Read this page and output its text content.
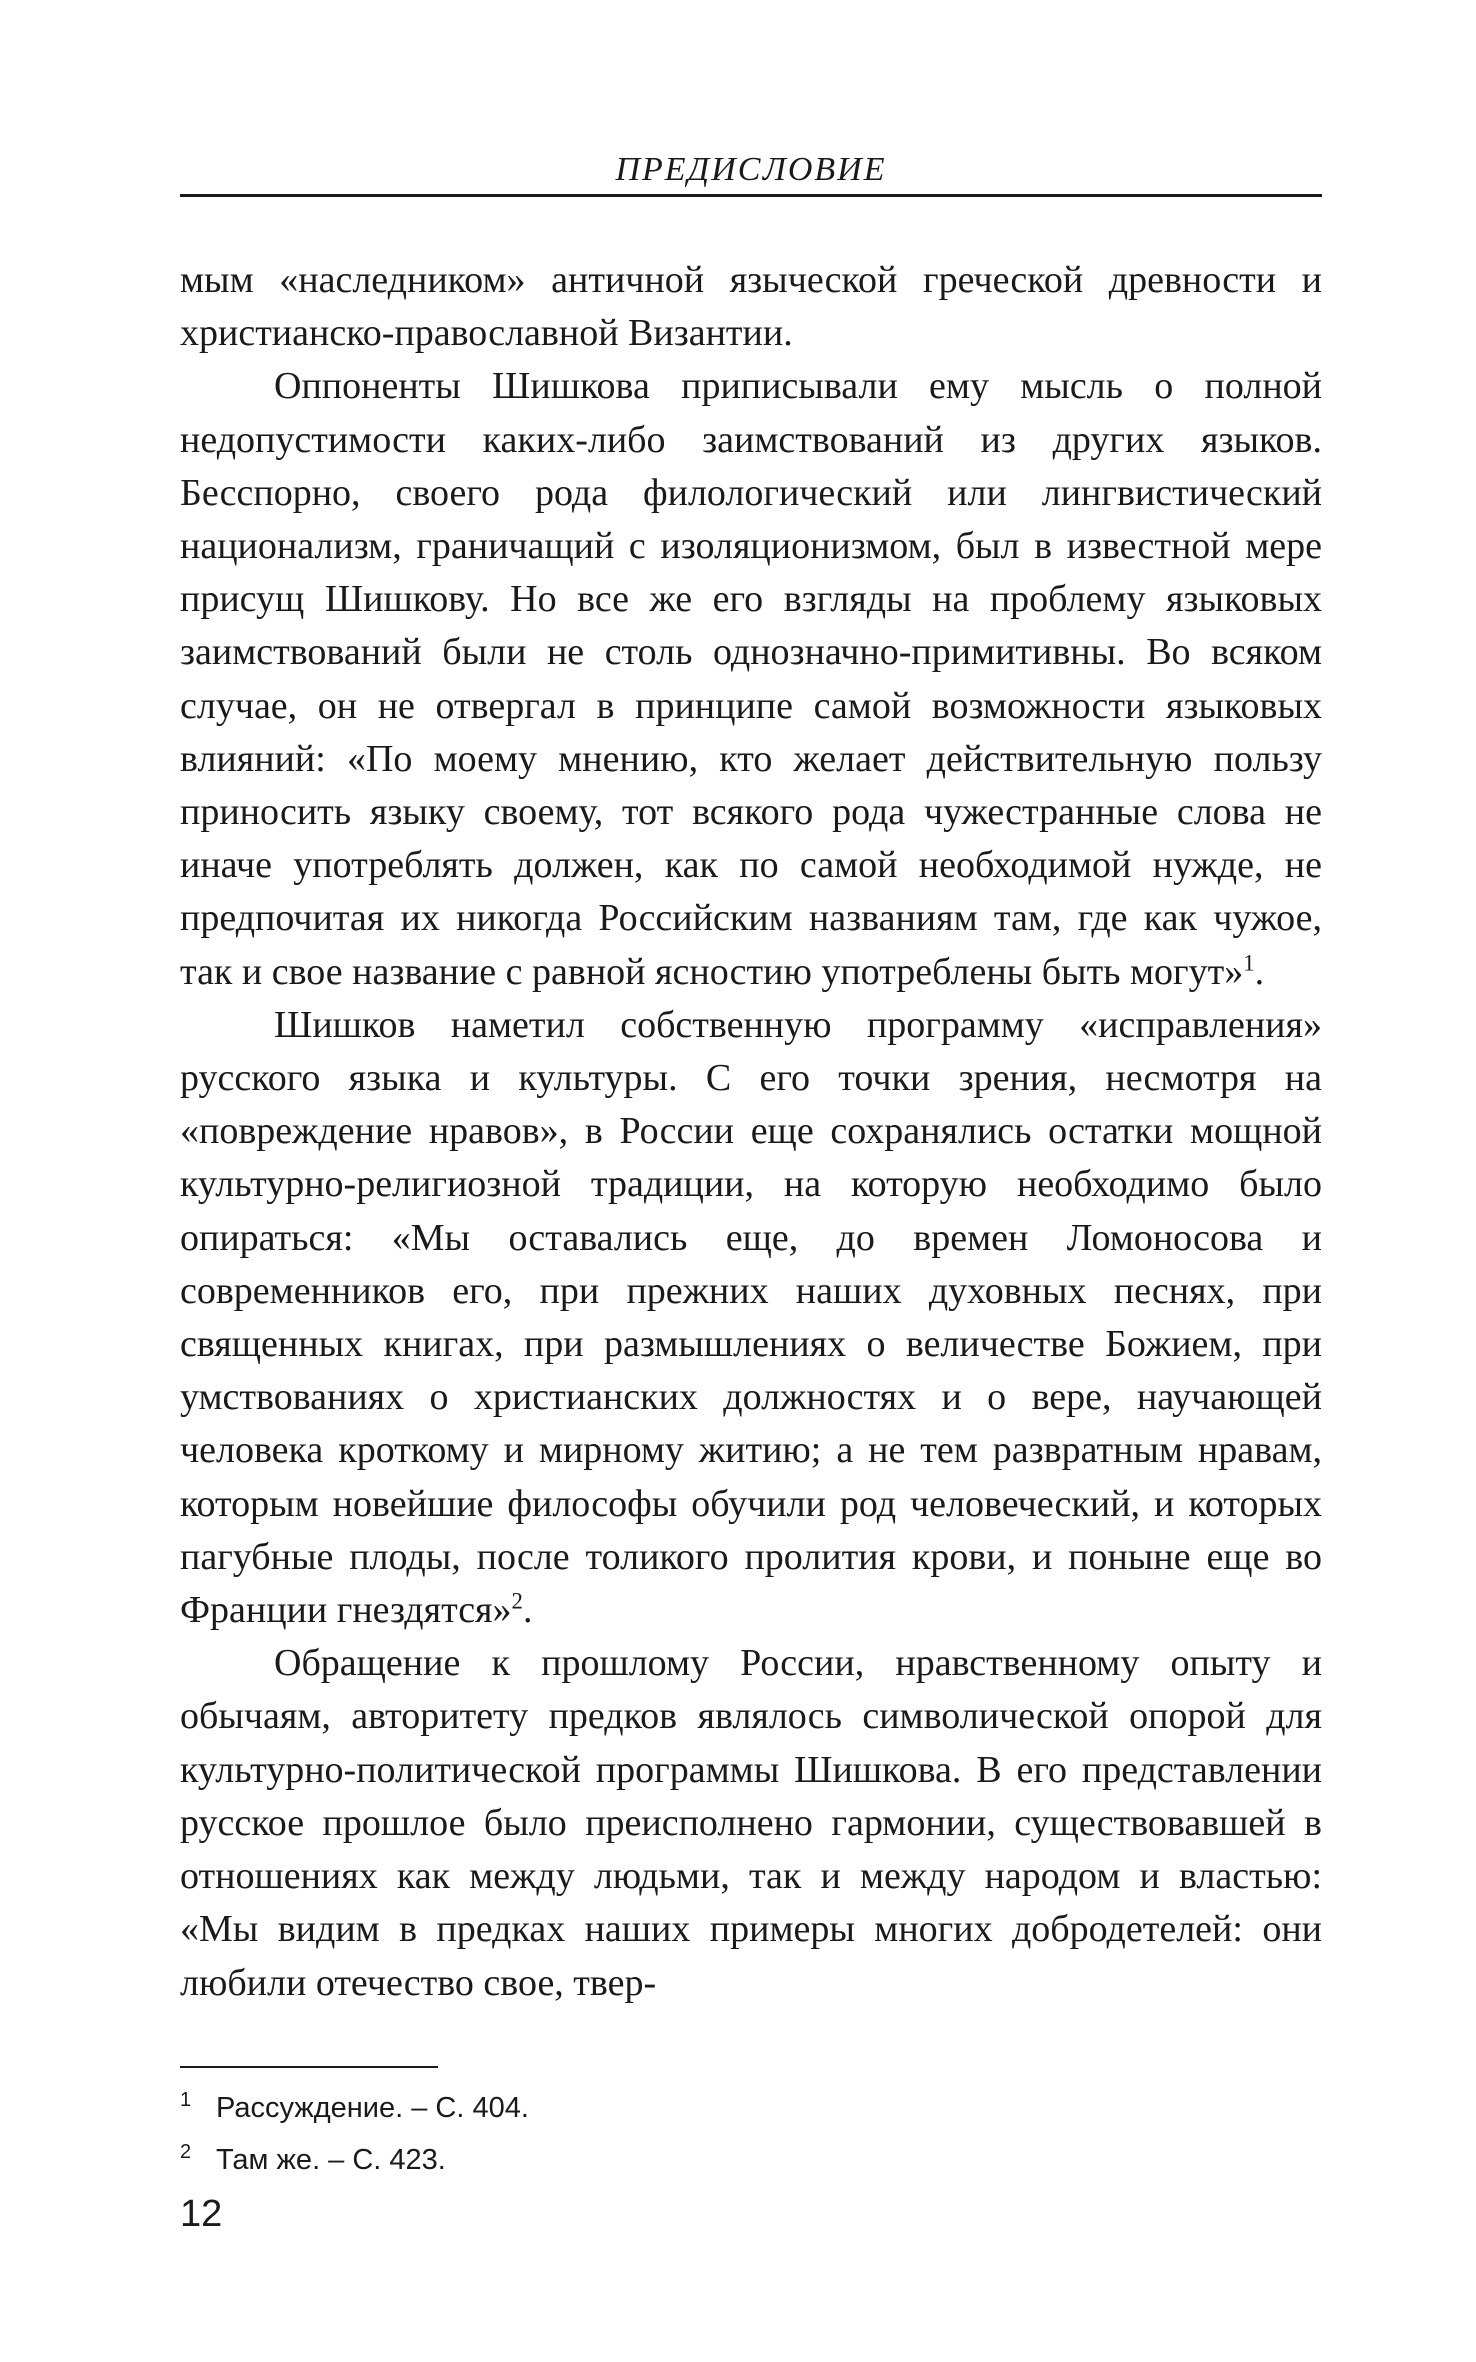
ПРЕДИСЛОВИЕ

мым «наследником» античной языческой греческой древности и христианско-православной Византии.

Оппоненты Шишкова приписывали ему мысль о полной недопустимости каких-либо заимствований из других языков. Бесспорно, своего рода филологический или лингвистический национализм, граничащий с изоляционизмом, был в известной мере присущ Шишкову. Но все же его взгляды на проблему языковых заимствований были не столь однозначно-примитивны. Во всяком случае, он не отвергал в принципе самой возможности языковых влияний: «По моему мнению, кто желает действительную пользу приносить языку своему, тот всякого рода чужестранные слова не иначе употреблять должен, как по самой необходимой нужде, не предпочитая их никогда Российским названиям там, где как чужое, так и свое название с равной ясностию употреблены быть могут»$^1$.

Шишков наметил собственную программу «исправления» русского языка и культуры. С его точки зрения, несмотря на «повреждение нравов», в России еще сохранялись остатки мощной культурно-религиозной традиции, на которую необходимо было опираться: «Мы оставались еще, до времен Ломоносова и современников его, при прежних наших духовных песнях, при священных книгах, при размышлениях о величестве Божием, при умствованиях о христианских должностях и о вере, научающей человека кроткому и мирному житию; а не тем развратным нравам, которым новейшие философы обучили род человеческий, и которых пагубные плоды, после толикого пролития крови, и поныне еще во Франции гнездятся»$^2$.

Обращение к прошлому России, нравственному опыту и обычаям, авторитету предков являлось символической опорой для культурно-политической программы Шишкова. В его представлении русское прошлое было преисполнено гармонии, существовавшей в отношениях как между людьми, так и между народом и властью: «Мы видим в предках наших примеры многих добродетелей: они любили отечество свое, твер-

1 Рассуждение. – С. 404.
2 Там же. – С. 423.
12
